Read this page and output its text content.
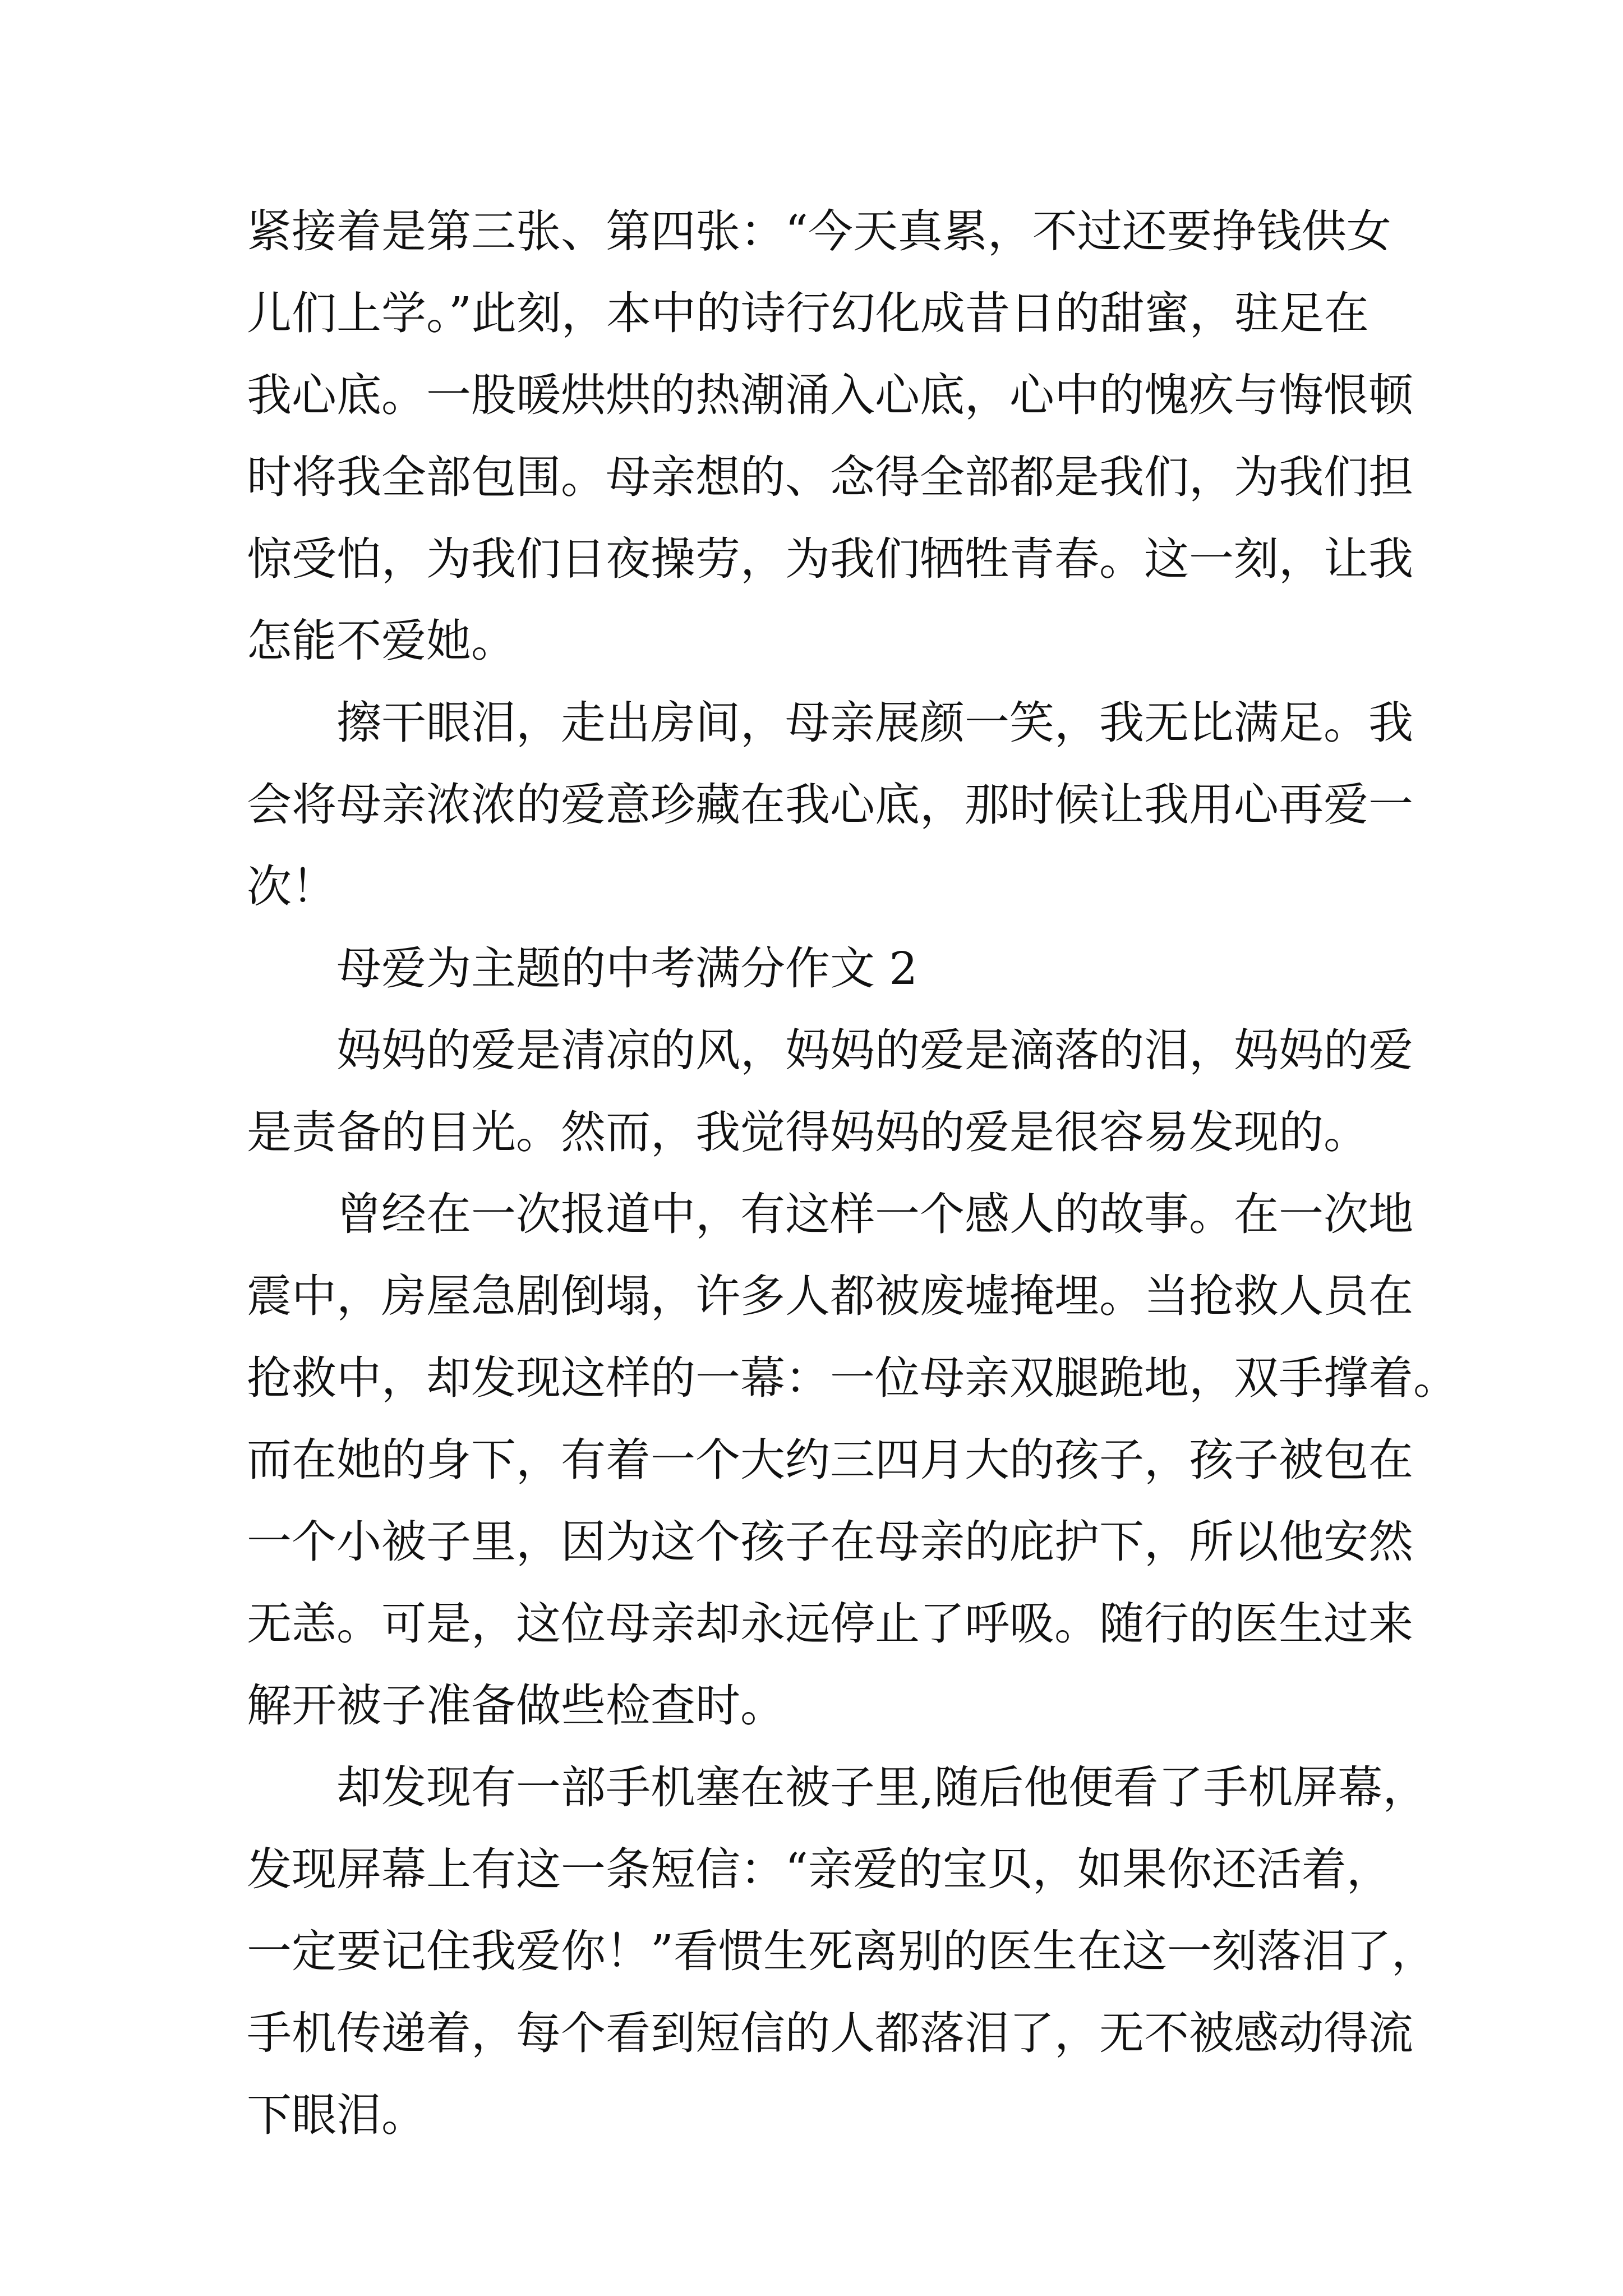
紧接着是第三张、第四张：“今天真累，不过还要挣钱供女
儿们上学。”此刻，本中的诗行幻化成昔日的甜蜜，驻足在
我心底。一股暖烘烘的热潮涌入心底，心中的愧疚与悔恨顿
时将我全部包围。母亲想的、念得全部都是我们，为我们担
惊受怕，为我们日夜操劳，为我们牺牲青春。这一刻，让我
怎能不爱她。

擦干眼泪，走出房间，母亲展颜一笑，我无比满足。我
会将母亲浓浓的爱意珍藏在我心底，那时候让我用心再爱一
次！

母爱为主题的中考满分作文 2

妈妈的爱是清凉的风，妈妈的爱是滴落的泪，妈妈的爱
是责备的目光。然而，我觉得妈妈的爱是很容易发现的。

曾经在一次报道中，有这样一个感人的故事。在一次地
震中，房屋急剧倒塌，许多人都被废墟掩埋。当抢救人员在
抢救中，却发现这样的一幕：一位母亲双腿跪地，双手撑着。
而在她的身下，有着一个大约三四月大的孩子，孩子被包在
一个小被子里，因为这个孩子在母亲的庇护下，所以他安然
无恙。可是，这位母亲却永远停止了呼吸。随行的医生过来
解开被子准备做些检查时。

却发现有一部手机塞在被子里,随后他便看了手机屏幕，
发现屏幕上有这一条短信：“亲爱的宝贝，如果你还活着，
一定要记住我爱你！”看惯生死离别的医生在这一刻落泪了，
手机传递着，每个看到短信的人都落泪了，无不被感动得流
下眼泪。
